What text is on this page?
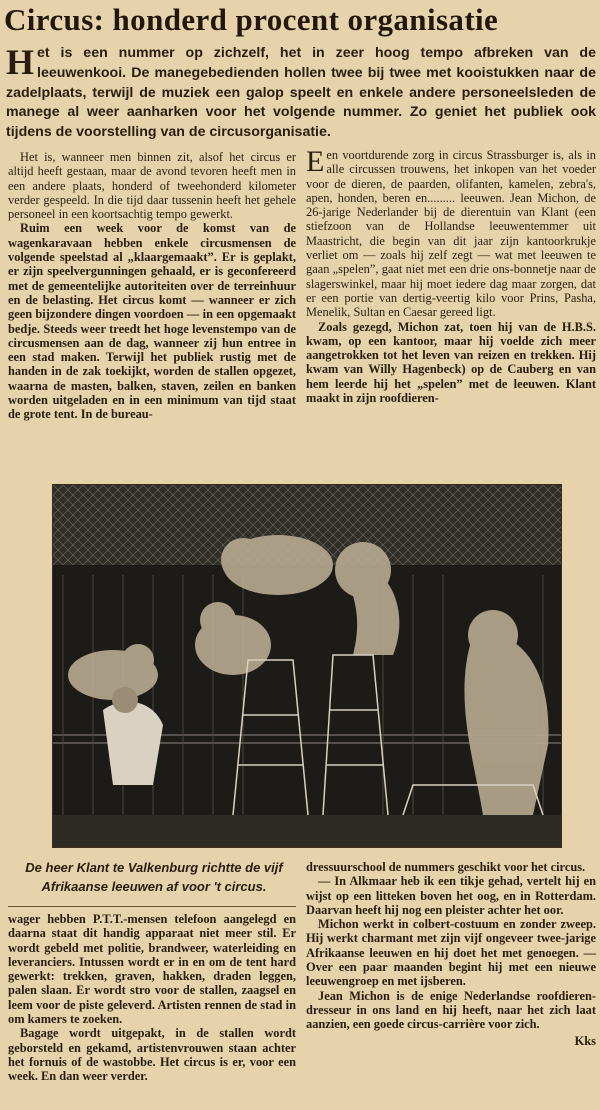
Circus: honderd procent organisatie
Het is een nummer op zichzelf, het in zeer hoog tempo afbreken van de leeuwenkooi. De manegebedienden hollen twee bij twee met kooistukken naar de zadelplaats, terwijl de muziek een galop speelt en enkele andere personeelsleden de manege al weer aanharken voor het volgende nummer. Zo geniet het publiek ook tijdens de voorstelling van de circusorganisatie.

Het is, wanneer men binnen zit, alsof het circus er altijd heeft gestaan, maar de avond tevoren heeft men in een andere plaats, honderd of tweehonderd kilometer verder gespeeld. In die tijd daar tussenin heeft het gehele personeel in een koortsachtig tempo gewerkt.

Ruim een week voor de komst van de wagenkaravaan hebben enkele circusmensen de volgende speelstad al „klaargemaakt”. Er is geplakt, er zijn speelvergunningen gehaald, er is geconfereerd met de gemeentelijke autoriteiten over de terreinhuur en de belasting. Het circus komt — wanneer er zich geen bijzondere dingen voordoen — in een opgemaakt bedje. Steeds weer treedt het hoge levenstempo van de circusmensen aan de dag, wanneer zij hun entree in een stad maken. Terwijl het publiek rustig met de handen in de zak toekijkt, worden de stallen opgezet, waarna de masten, balken, staven, zeilen en banken worden uitgeladen en in een minimum van tijd staat de grote tent. In de bureau-

Een voortdurende zorg in circus Strassburger is, als in alle circussen trouwens, het inkopen van het voeder voor de dieren, de paarden, olifanten, kamelen, zebra's, apen, honden, beren en......... leeuwen. Jean Michon, de 26-jarige Nederlander bij de dierentuin van Klant (een stiefzoon van de Hollandse leeuwentemmer uit Maastricht, die begin van dit jaar zijn kantoorkrukje verliet om — zoals hij zelf zegt — wat met leeuwen te gaan „spelen”, gaat niet met een drie ons-bonnetje naar de slagerswinkel, maar hij moet iedere dag maar zorgen, dat er een portie van dertig-veertig kilo voor Prins, Pasha, Menelik, Sultan en Caesar gereed ligt.

Zoals gezegd, Michon zat, toen hij van de H.B.S. kwam, op een kantoor, maar hij voelde zich meer aangetrokken tot het leven van reizen en trekken. Hij kwam van Willy Hagenbeck) op de Cauberg en van hem leerde hij het „spelen” met de leeuwen. Klant maakt in zijn roofdieren-

De heer Klant te Valkenburg richtte de vijf Afrikaanse leeuwen af voor 't circus.

wager hebben P.T.T.-mensen telefoon aangelegd en daarna staat dit handig apparaat niet meer stil. Er wordt gebeld met politie, brandweer, waterleiding en leveranciers. Intussen wordt er in en om de tent hard gewerkt: trekken, graven, hakken, draden leggen, palen slaan. Er wordt stro voor de stallen, zaagsel en leem voor de piste geleverd. Artisten rennen de stad in om kamers te zoeken.

Bagage wordt uitgepakt, in de stallen wordt geborsteld en gekamd, artistenvrouwen staan achter het fornuis of de wastobbe. Het circus is er, voor een week. En dan weer verder.

dressuurschool de nummers geschikt voor het circus.

— In Alkmaar heb ik een tikje gehad, vertelt hij en wijst op een litteken boven het oog, en in Rotterdam. Daarvan heeft hij nog een pleister achter het oor.

Michon werkt in colbert-costuum en zonder zweep. Hij werkt charmant met zijn vijf ongeveer twee-jarige Afrikaanse leeuwen en hij doet het met genoegen. — Over een paar maanden begint hij met een nieuwe leeuwengroep en met ijsberen.

Jean Michon is de enige Nederlandse roofdieren-dresseur in ons land en hij heeft, naar het zich laat aanzien, een goede circus-carrière voor zich.

Kks
